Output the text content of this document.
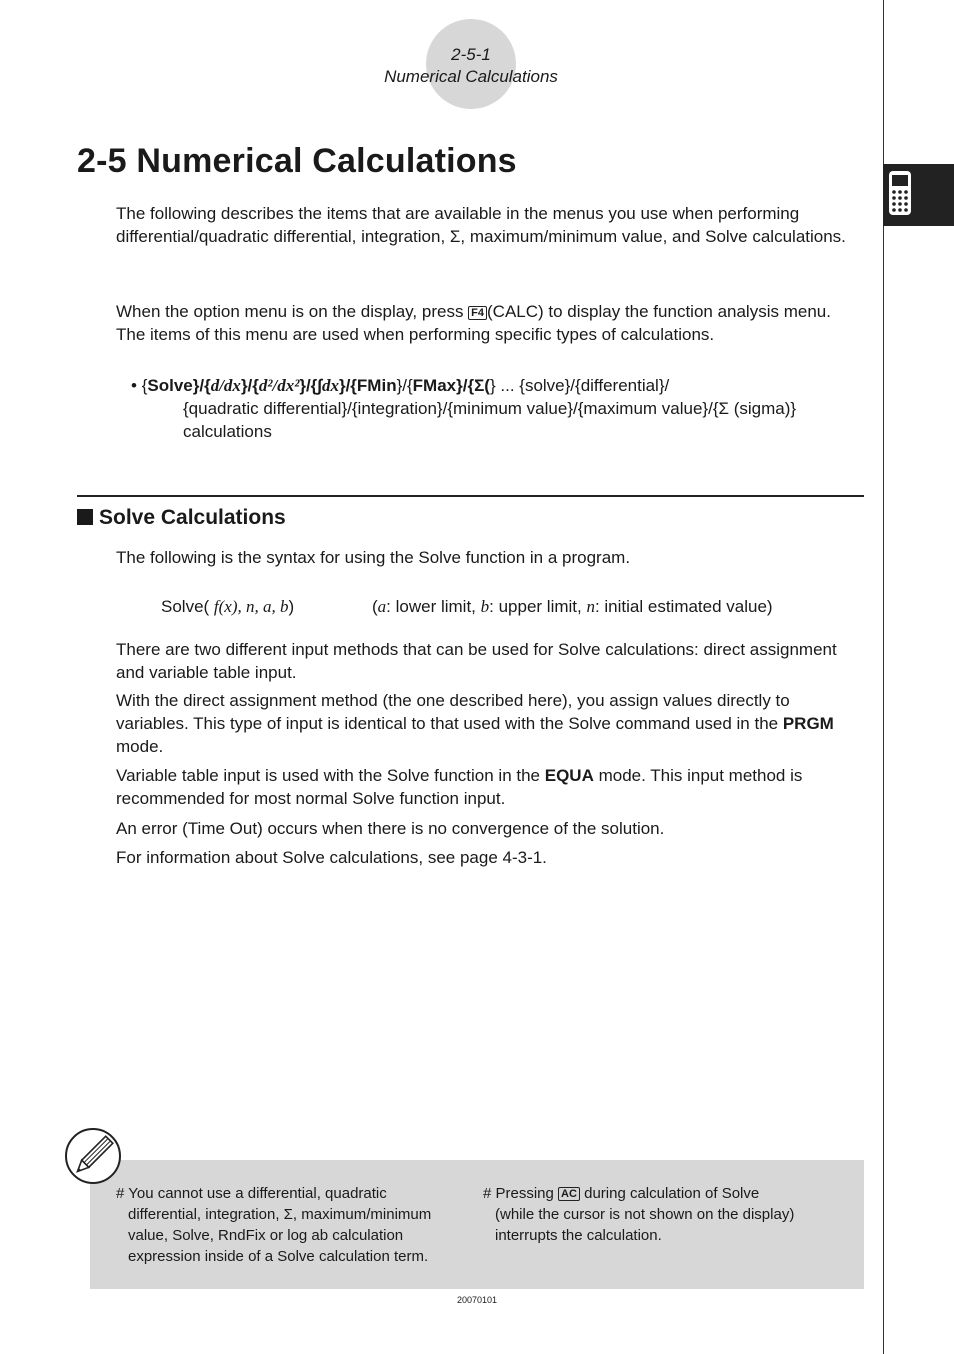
2-5-1
Numerical Calculations
2-5 Numerical Calculations

The following describes the items that are available in the menus you use when performing differential/quadratic differential, integration, Σ, maximum/minimum value, and Solve calculations.

When the option menu is on the display, press F4 (CALC) to display the function analysis menu. The items of this menu are used when performing specific types of calculations.

• {Solve}/{d/dx}/{d²/dx²}/{∫dx}/{FMin}/{FMax}/{Σ(} ... {solve}/{differential}/
{quadratic differential}/{integration}/{minimum value}/{maximum value}/{Σ (sigma)}
calculations
Solve Calculations

The following is the syntax for using the Solve function in a program.

Solve( f(x), n, a, b)	(a: lower limit, b: upper limit, n: initial estimated value)

There are two different input methods that can be used for Solve calculations: direct assignment and variable table input.

With the direct assignment method (the one described here), you assign values directly to variables. This type of input is identical to that used with the Solve command used in the PRGM mode.

Variable table input is used with the Solve function in the EQUA mode. This input method is recommended for most normal Solve function input.

An error (Time Out) occurs when there is no convergence of the solution.

For information about Solve calculations, see page 4-3-1.

# You cannot use a differential, quadratic
differential, integration, Σ, maximum/minimum
value, Solve, RndFix or log ab calculation
expression inside of a Solve calculation term.
# Pressing AC during calculation of Solve
(while the cursor is not shown on the display)
interrupts the calculation.
20070101
